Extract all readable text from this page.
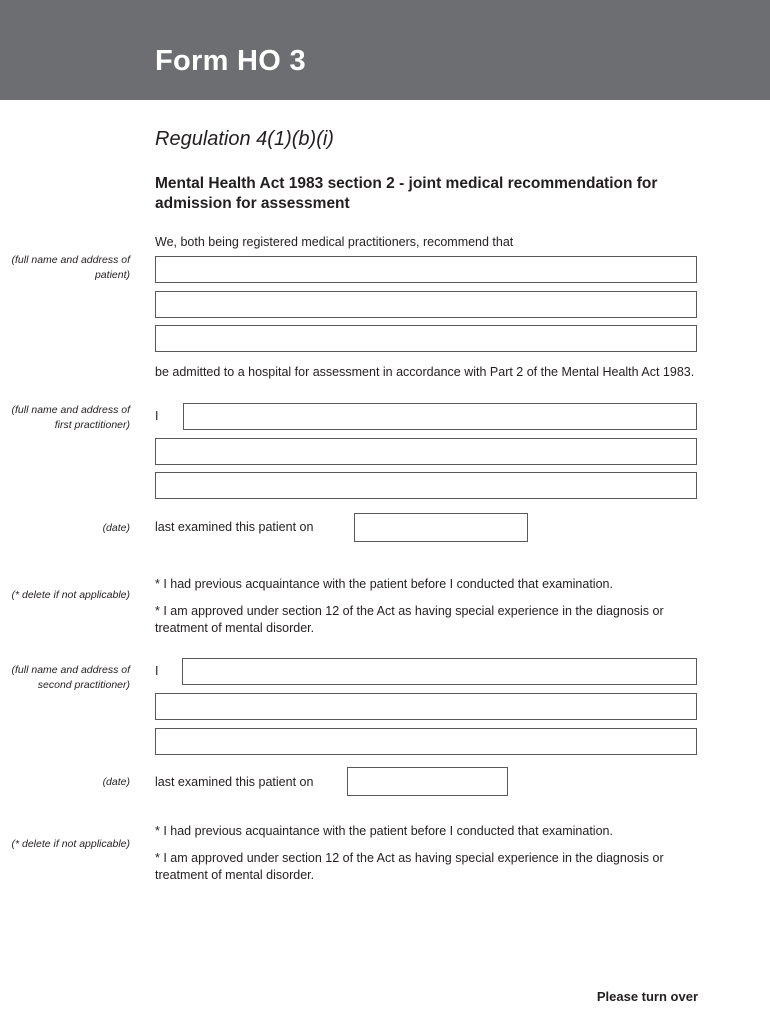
Form HO 3
Regulation 4(1)(b)(i)
Mental Health Act 1983 section 2 - joint medical recommendation for admission for assessment
We, both being registered medical practitioners, recommend that
(full name and address of patient)
be admitted to a hospital for assessment in accordance with Part 2 of the Mental Health Act 1983.
(full name and address of first practitioner)
I
(date) last examined this patient on
(* delete if not applicable)
* I had previous acquaintance with the patient before I conducted that examination.
* I am approved under section 12 of the Act as having special experience in the diagnosis or treatment of mental disorder.
(full name and address of second practitioner)
I
(date) last examined this patient on
(* delete if not applicable)
* I had previous acquaintance with the patient before I conducted that examination.
* I am approved under section 12 of the Act as having special experience in the diagnosis or treatment of mental disorder.
Please turn over
